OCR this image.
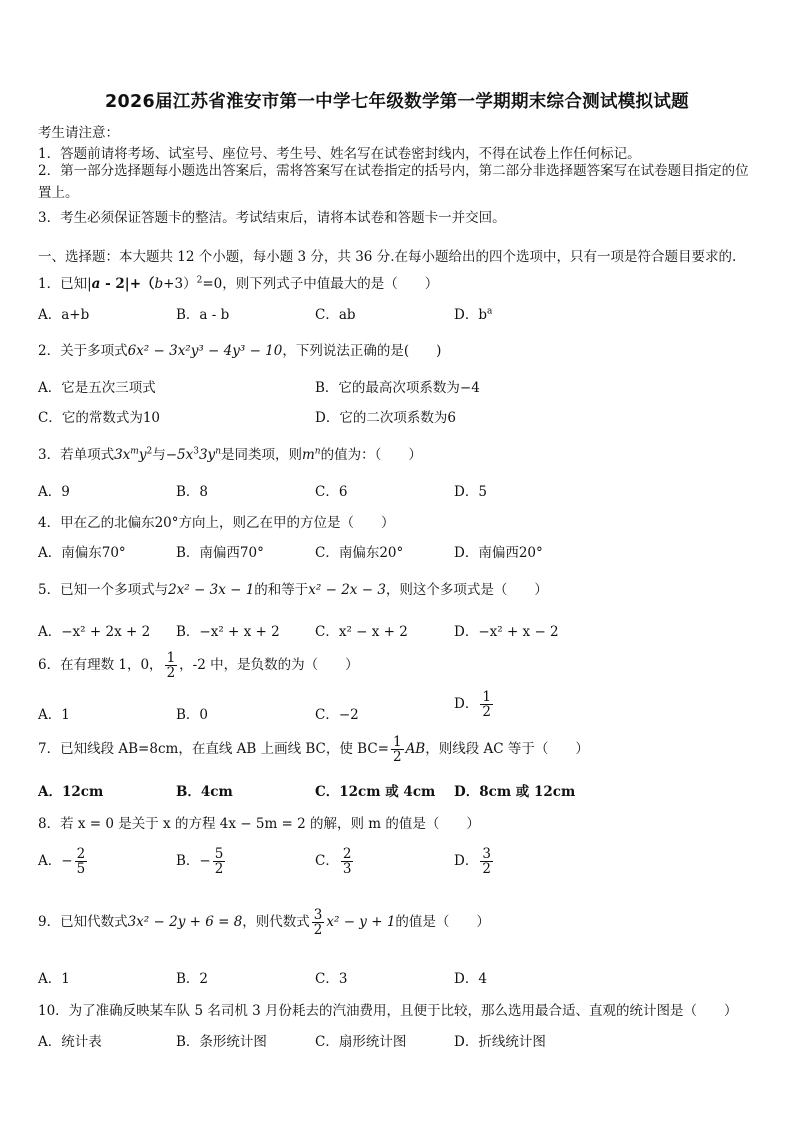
2026届江苏省淮安市第一中学七年级数学第一学期期末综合测试模拟试题
考生请注意：
1．答题前请将考场、试室号、座位号、考生号、姓名写在试卷密封线内，不得在试卷上作任何标记。
2．第一部分选择题每小题选出答案后，需将答案写在试卷指定的括号内，第二部分非选择题答案写在试卷题目指定的位置上。
3．考生必须保证答题卡的整洁。考试结束后，请将本试卷和答题卡一并交回。
一、选择题：本大题共 12 个小题，每小题 3 分，共 36 分.在每小题给出的四个选项中，只有一项是符合题目要求的.
1．已知$|a - 2|+(b+3)^2=0$，则下列式子中值最大的是（　　）
A．a+b	B．a - b	C．ab	D．$b^a$
2．关于多项式6x² − 3x²y³ − 4y³ − 10，下列说法正确的是(　　)
A．它是五次三项式	B．它的最高次项系数为−4
C．它的常数式为10	D．它的二次项系数为6
3．若单项式$3x^my^2$与$-5x^33y^n$是同类项，则$m^n$的值为：（　　）
A．9	B．8	C．6	D．5
4．甲在乙的北偏东20°方向上，则乙在甲的方位是（　　）
A．南偏东70°	B．南偏西70°	C．南偏东20°	D．南偏西20°
5．已知一个多项式与2x² − 3x − 1的和等于x² − 2x − 3，则这个多项式是（　　）
A．−x² + 2x + 2 B．−x² + x + 2	C．x² − x + 2	D．−x² + x − 2
6．在有理数 1，0， $\frac{1}{2}$ ，-2 中，是负数的为（　　）
A．1	B．0	C．−2
D． $\frac{1}{2}$
7．已知线段 AB=8cm，在直线 AB 上画线 BC，使 $BC= \frac{1}{2}$ AB，则线段 AC 等于（　　）
A．12cm	B．4cm	C．12cm 或 4cm D．8cm 或 12cm
8．若 x = 0 是关于 x 的方程 4x − 5m = 2 的解，则 m 的值是（　　）
A．− $\frac{2}{5}$	B．− $\frac{5}{2}$	C． $\frac{2}{3}$	D． $\frac{3}{2}$
9．已知代数式3x² − 2y + 6 = 8，则代数式 $\frac{3}{2} x^2 - y + 1$的值是（　　）
A．1	B．2	C．3	D．4
10．为了准确反映某车队 5 名司机 3 月份耗去的汽油费用，且便于比较，那么选用最合适、直观的统计图是（　　）
A．统计表	B．条形统计图	C．扇形统计图	D．折线统计图
